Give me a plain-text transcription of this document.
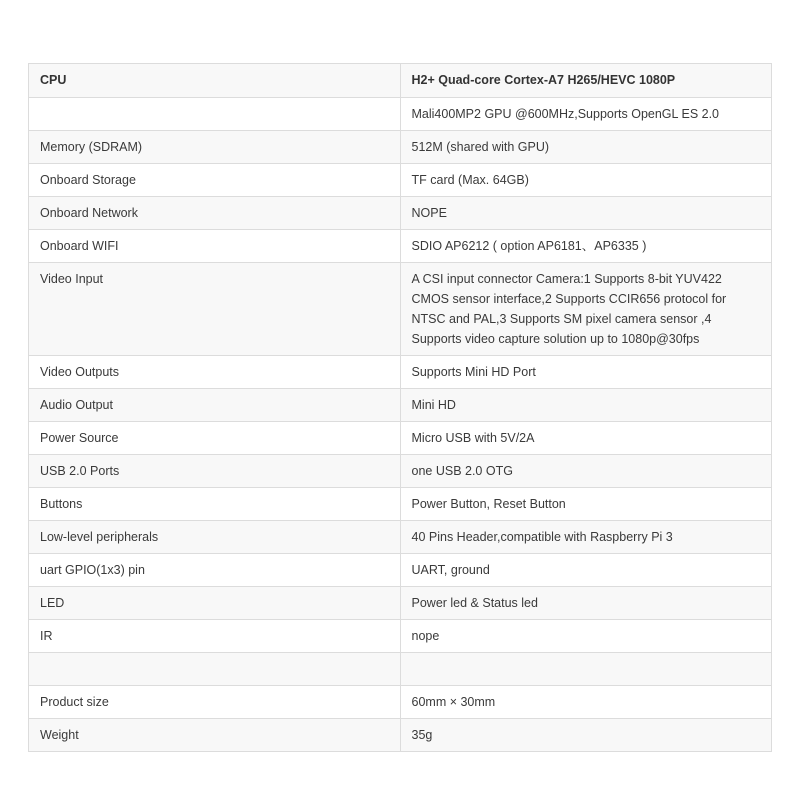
CPU	H2+ Quad-core Cortex-A7 H265/HEVC 1080P
	Mali400MP2 GPU @600MHz,Supports OpenGL ES 2.0
Memory (SDRAM)	512M (shared with GPU)
Onboard Storage	TF card (Max. 64GB)
Onboard Network	NOPE
Onboard WIFI	SDIO AP6212 ( option AP6181、AP6335 )
Video Input	A CSI input connector Camera:1 Supports 8-bit YUV422 CMOS sensor interface,2 Supports CCIR656 protocol for NTSC and PAL,3 Supports SM pixel camera sensor ,4 Supports video capture solution up to 1080p@30fps
Video Outputs	Supports Mini HD Port
Audio Output	Mini HD
Power Source	Micro USB with 5V/2A
USB 2.0 Ports	one USB 2.0 OTG
Buttons	Power Button, Reset Button
Low-level peripherals	40 Pins Header,compatible with Raspberry Pi 3
uart GPIO(1x3) pin	UART, ground
LED	Power led & Status led
IR	nope

Product size	60mm × 30mm
Weight	35g
